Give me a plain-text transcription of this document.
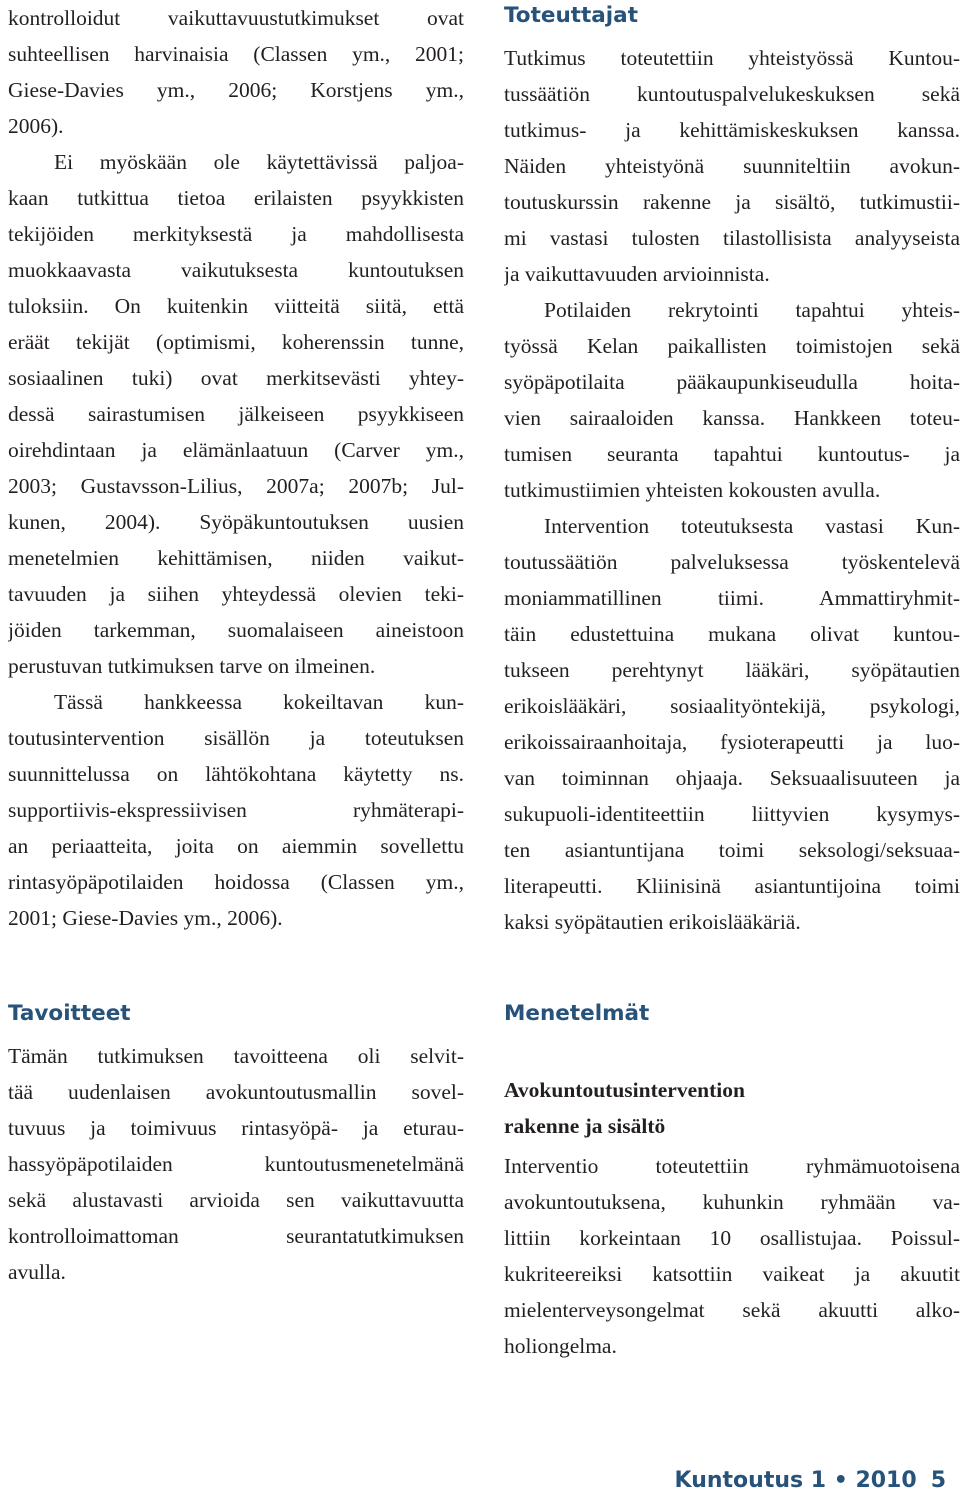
kontrolloidut vaikuttavuustutkimukset ovat
suhteellisen harvinaisia (Classen ym., 2001;
Giese-Davies ym., 2006; Korstjens ym.,
2006).
Ei myöskään ole käytettävissä paljoa-
kaan tutkittua tietoa erilaisten psyykkisten
tekijöiden merkityksestä ja mahdollisesta
muokkaavasta vaikutuksesta kuntoutuksen
tuloksiin. On kuitenkin viitteitä siitä, että
eräät tekijät (optimismi, koherenssin tunne,
sosiaalinen tuki) ovat merkitsevästi yhtey-
dessä sairastumisen jälkeiseen psyykkiseen
oirehdintaan ja elämänlaatuun (Carver ym.,
2003; Gustavsson-Lilius, 2007a; 2007b; Jul-
kunen, 2004). Syöpäkuntoutuksen uusien
menetelmien kehittämisen, niiden vaikut-
tavuuden ja siihen yhteydessä olevien teki-
jöiden tarkemman, suomalaiseen aineistoon
perustuvan tutkimuksen tarve on ilmeinen.
Tässä hankkeessa kokeiltavan kun-
toutusintervention sisällön ja toteutuksen
suunnittelussa on lähtökohtana käytetty ns.
supportiivis-ekspressiivisen ryhmäterapi-
an periaatteita, joita on aiemmin sovellettu
rintasyöpäpotilaiden hoidossa (Classen ym.,
2001; Giese-Davies ym., 2006).
Toteuttajat
Tutkimus toteutettiin yhteistyössä Kuntou-
tussäätiön kuntoutuspalvelukeskuksen sekä
tutkimus- ja kehittämiskeskuksen kanssa.
Näiden yhteistyönä suunniteltiin avokun-
toutuskurssin rakenne ja sisältö, tutkimustii-
mi vastasi tulosten tilastollisista analyyseista
ja vaikuttavuuden arvioinnista.
Potilaiden rekrytointi tapahtui yhteis-
työssä Kelan paikallisten toimistojen sekä
syöpäpotilaita pääkaupunkiseudulla hoita-
vien sairaaloiden kanssa. Hankkeen toteu-
tumisen seuranta tapahtui kuntoutus- ja
tutkimustiimien yhteisten kokousten avulla.
Intervention toteutuksesta vastasi Kun-
toutussäätiön palveluksessa työskentelevä
moniammatillinen tiimi. Ammattiryhmit-
täin edustettuina mukana olivat kuntou-
tukseen perehtynyt lääkäri, syöpätautien
erikoislääkäri, sosiaalityöntekijä, psykologi,
erikoissairaanhoitaja, fysioterapeutti ja luo-
van toiminnan ohjaaja. Seksuaalisuuteen ja
sukupuoli-identiteettiin liittyvien kysymys-
ten asiantuntijana toimi seksologi/seksuaa-
literapeutti. Kliinisinä asiantuntijoina toimi
kaksi syöpätautien erikoislääkäriä.
Tavoitteet
Tämän tutkimuksen tavoitteena oli selvit-
tää uudenlaisen avokuntoutusmallin sovel-
tuvuus ja toimivuus rintasyöpä- ja eturau-
hassyöpäpotilaiden kuntoutusmenetelmänä
sekä alustavasti arvioida sen vaikuttavuutta
kontrolloimattoman seurantatutkimuksen
avulla.
Menetelmät
Avokuntoutusintervention
rakenne ja sisältö
Interventio toteutettiin ryhmämuotoisena
avokuntoutuksena, kuhunkin ryhmään va-
littiin korkeintaan 10 osallistujaa. Poissul-
kukriteereiksi katsottiin vaikeat ja akuutit
mielenterveysongelmat sekä akuutti alko-
holiongelma.
Kuntoutus 1 • 2010 5
